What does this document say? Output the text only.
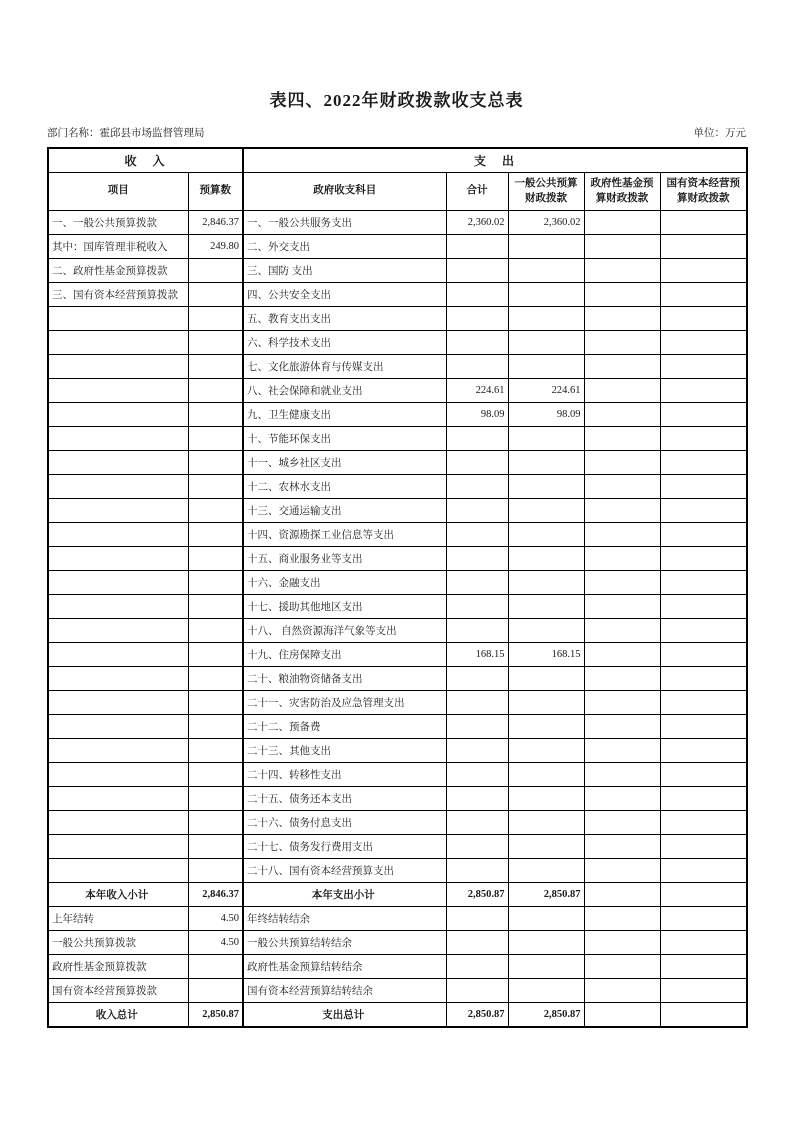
表四、2022年财政拨款收支总表
部门名称：霍邱县市场监督管理局	单位：万元
收　入		支　出				
项目	预算数	政府收支科目	合计	一般公共预算财政拨款	政府性基金预算财政拨款	国有资本经营预算财政拨款
一、一般公共预算拨款	2,846.37	一、一般公共服务支出	2,360.02	2,360.02		
其中：国库管理非税收入	249.80	二、外交支出				
二、政府性基金预算拨款		三、国防 支出				
三、国有资本经营预算拨款		四、公共安全支出				
		五、教育支出支出				
		六、科学技术支出				
		七、文化旅游体育与传媒支出				
		八、社会保障和就业支出	224.61	224.61		
		九、卫生健康支出	98.09	98.09		
		十、节能环保支出				
		十一、城乡社区支出				
		十二、农林水支出				
		十三、交通运输支出				
		十四、资源勘探工业信息等支出				
		十五、商业服务业等支出				
		十六、金融支出				
		十七、援助其他地区支出				
		十八、 自然资源海洋气象等支出				
		十九、住房保障支出	168.15	168.15		
		二十、粮油物资储备支出				
		二十一、灾害防治及应急管理支出				
		二十二、预备费				
		二十三、其他支出				
		二十四、转移性支出				
		二十五、债务还本支出				
		二十六、债务付息支出				
		二十七、债务发行费用支出				
		二十八、国有资本经营预算支出				
本年收入小计	2,846.37	本年支出小计	2,850.87	2,850.87		
上年结转	4.50	年终结转结余				
一般公共预算拨款	4.50	一般公共预算结转结余				
政府性基金预算拨款		政府性基金预算结转结余				
国有资本经营预算拨款		国有资本经营预算结转结余				
收入总计	2,850.87	支出总计	2,850.87	2,850.87		
